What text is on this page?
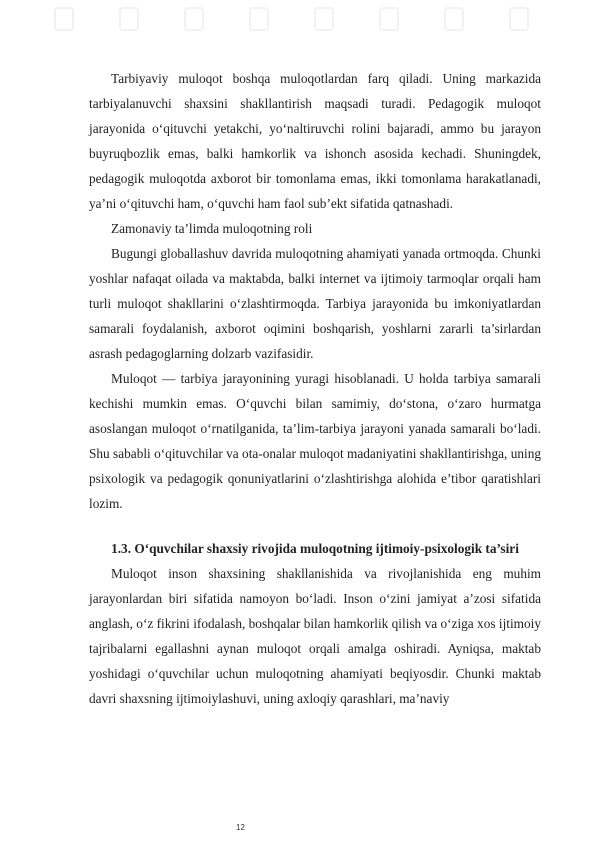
Tarbiyaviy muloqot boshqa muloqotlardan farq qiladi. Uning markazida tarbiyalanuvchi shaxsini shakllantirish maqsadi turadi. Pedagogik muloqot jarayonida o‘qituvchi yetakchi, yo‘naltiruvchi rolini bajaradi, ammo bu jarayon buyruqbozlik emas, balki hamkorlik va ishonch asosida kechadi. Shuningdek, pedagogik muloqotda axborot bir tomonlama emas, ikki tomonlama harakatlanadi, ya’ni o‘qituvchi ham, o‘quvchi ham faol sub’ekt sifatida qatnashadi.

Zamonaviy ta’limda muloqotning roli

Bugungi globallashuv davrida muloqotning ahamiyati yanada ortmoqda. Chunki yoshlar nafaqat oilada va maktabda, balki internet va ijtimoiy tarmoqlar orqali ham turli muloqot shakllarini o‘zlashtirmoqda. Tarbiya jarayonida bu imkoniyatlardan samarali foydalanish, axborot oqimini boshqarish, yoshlarni zararli ta’sirlardan asrash pedagoglarning dolzarb vazifasidir.

Muloqot — tarbiya jarayonining yuragi hisoblanadi. U holda tarbiya samarali kechishi mumkin emas. O‘quvchi bilan samimiy, do‘stona, o‘zaro hurmatga asoslangan muloqot o‘rnatilganida, ta’lim-tarbiya jarayoni yanada samarali bo‘ladi. Shu sababli o‘qituvchilar va ota-onalar muloqot madaniyatini shakllantirishga, uning psixologik va pedagogik qonuniyatlarini o‘zlashtirishga alohida e’tibor qaratishlari lozim.

1.3. O‘quvchilar shaxsiy rivojida muloqotning ijtimoiy-psixologik ta’siri

Muloqot inson shaxsining shakllanishida va rivojlanishida eng muhim jarayonlardan biri sifatida namoyon bo‘ladi. Inson o‘zini jamiyat a’zosi sifatida anglash, o‘z fikrini ifodalash, boshqalar bilan hamkorlik qilish va o‘ziga xos ijtimoiy tajribalarni egallashni aynan muloqot orqali amalga oshiradi. Ayniqsa, maktab yoshidagi o‘quvchilar uchun muloqotning ahamiyati beqiyosdir. Chunki maktab davri shaxsning ijtimoiylashuvi, uning axloqiy qarashlari, ma’naviy

12
